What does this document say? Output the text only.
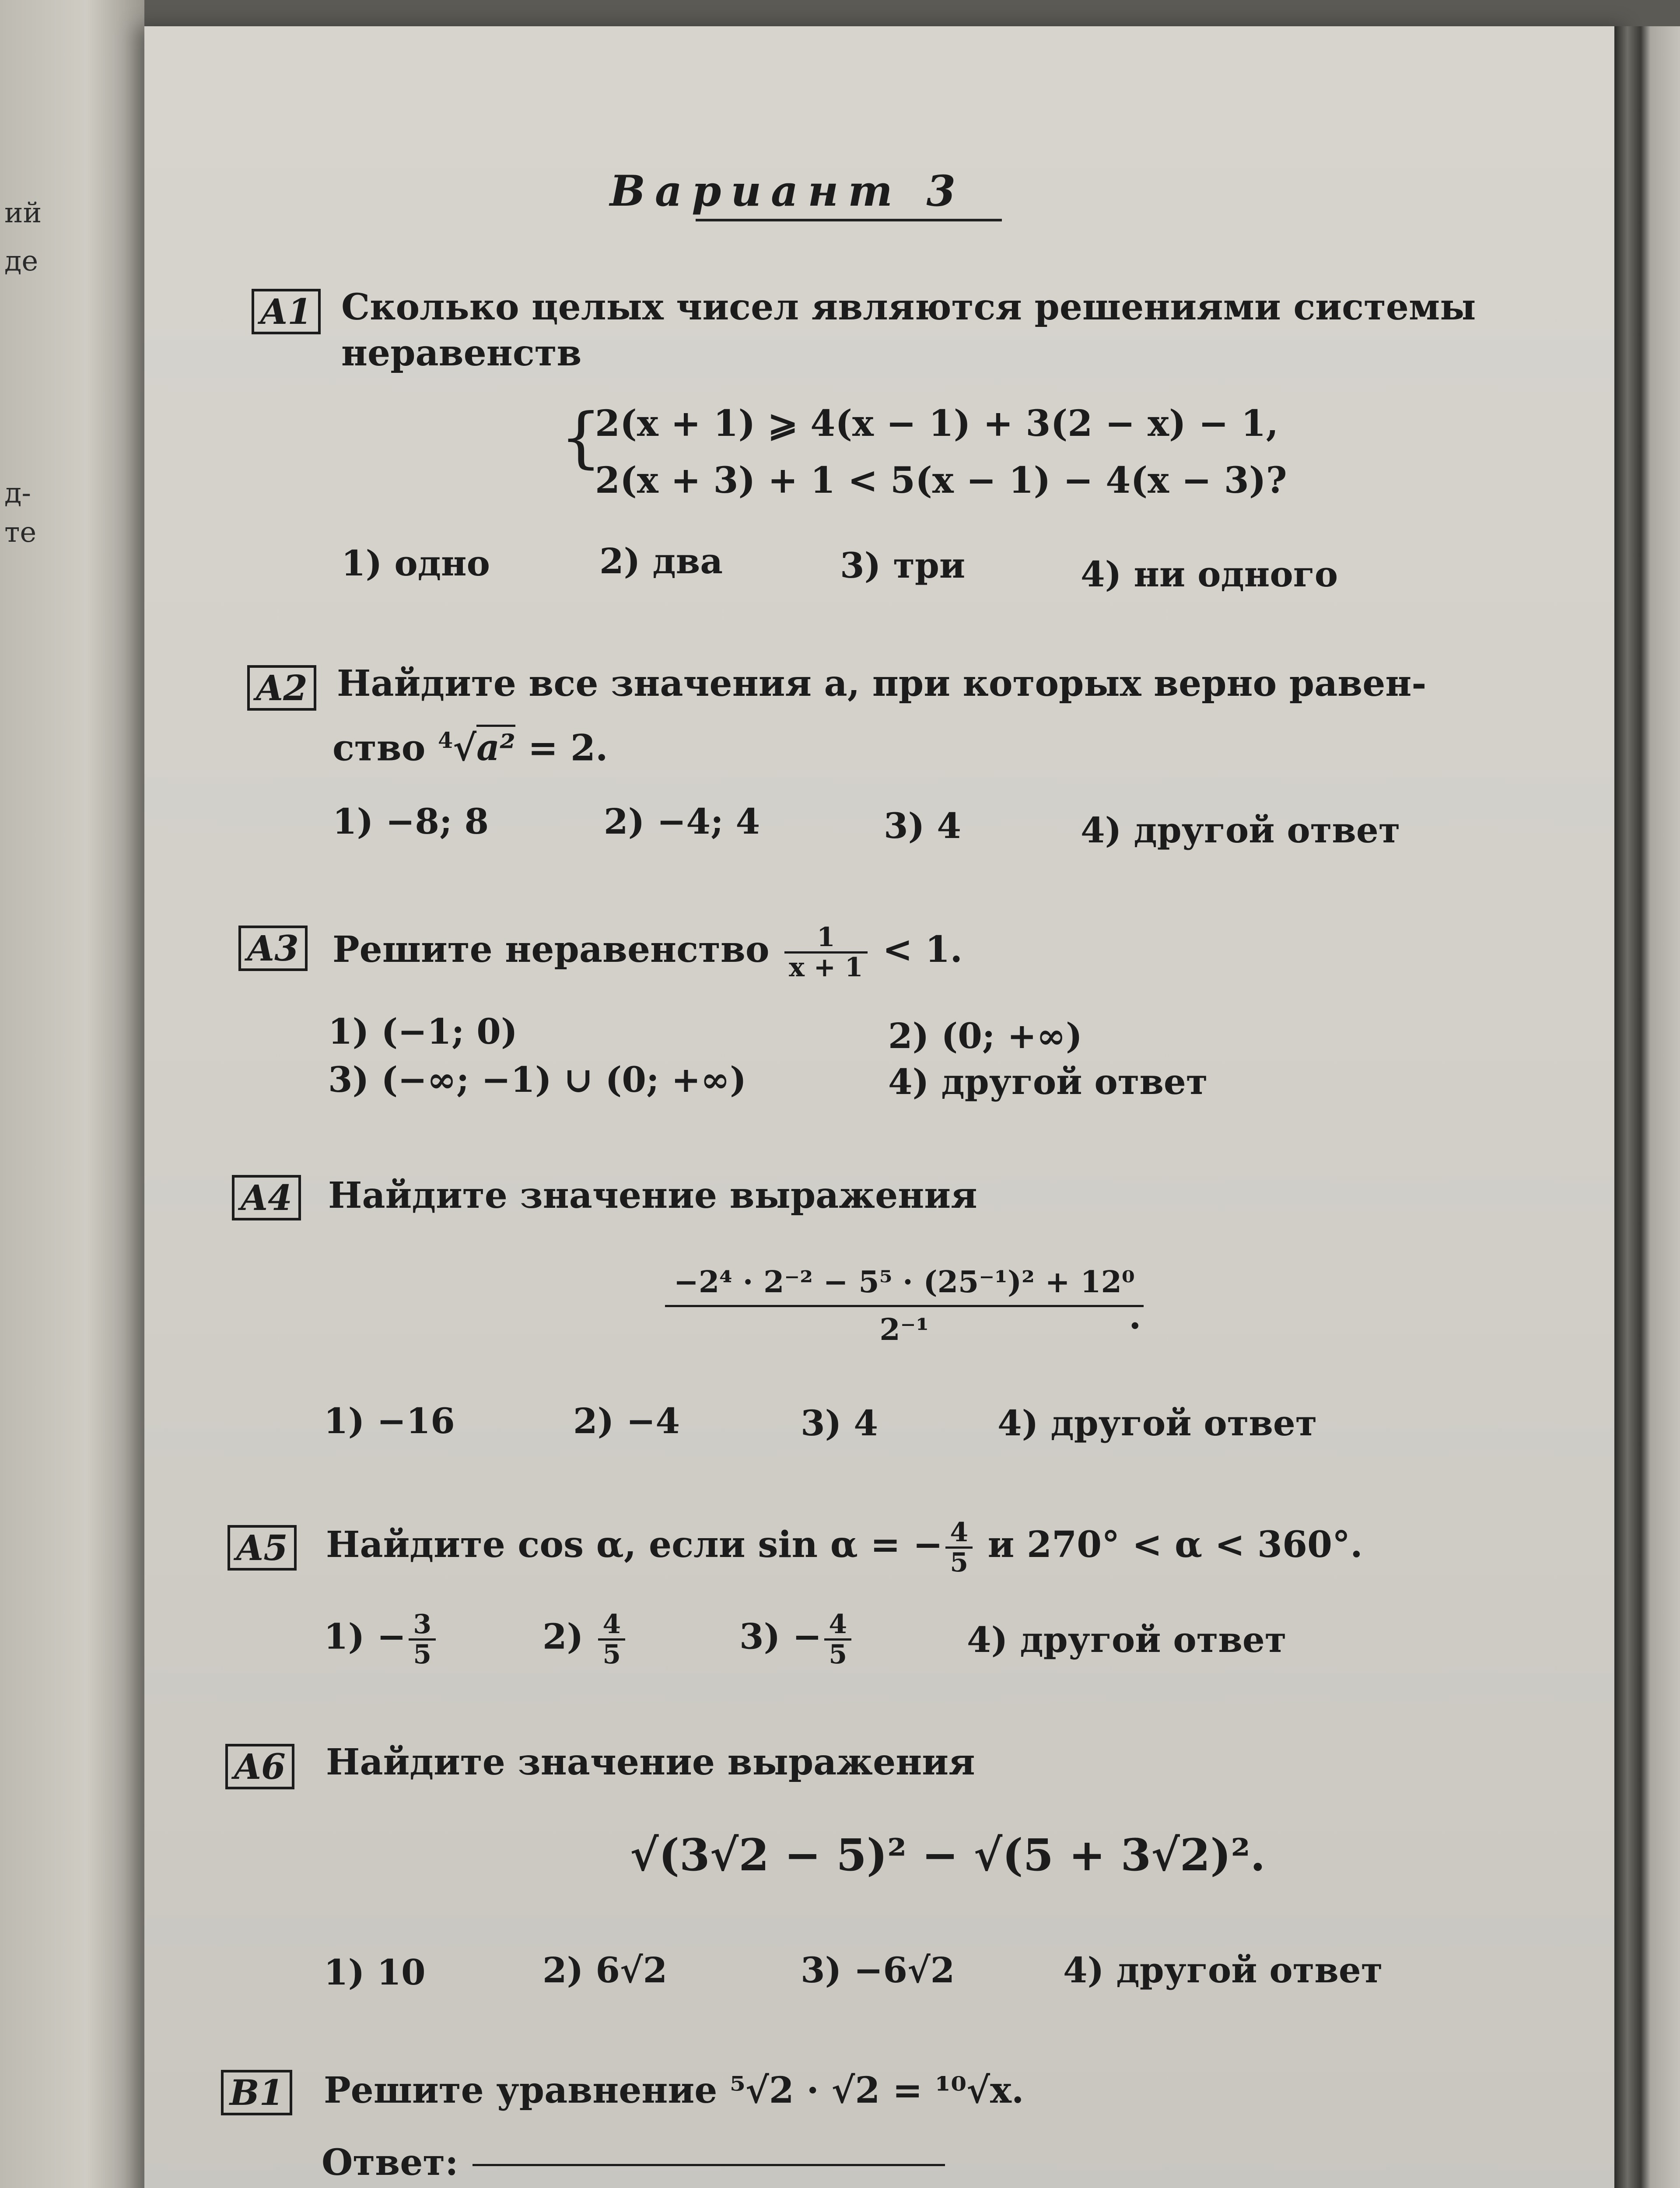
ий
де
д-
те
Вариант 3
A1 Сколько целых чисел являются решениями системы неравенств
{
2(x + 1) ⩾ 4(x − 1) + 3(2 − x) − 1,
2(x + 3) + 1 < 5(x − 1) − 4(x − 3)?
1) одно	2) два	3) три	4) ни одного
A2 Найдите все значения a, при которых верно равен-
ство $^4$√a² = 2.
1) −8; 8	2) −4; 4	3) 4	4) другой ответ
A3 Решите неравенство $\frac{1}{x + 1} < 1$.
1) (−1; 0)	2) (0; +∞)
3) (−∞; −1) ∪ (0; +∞)	4) другой ответ
A4 Найдите значение выражения
$\frac{\text{−2⁴ · 2⁻² − 5⁵ · (25⁻¹)² + 12⁰}}{\text{2⁻¹}}$
.
1) −16	2) −4	3) 4	4) другой ответ
A5 Найдите cos α, если sin α = − $\frac{4}{5}$ и 270° < α < 360°.
$1) - \frac{3}{5}$	$2) \frac{4}{5}$	$3) - \frac{4}{5}$	4) другой ответ
A6 Найдите значение выражения
√(3√2 − 5)² − √(5 + 3√2)².
1) 10	2) 6√2	3) −6√2	4) другой ответ
B1 Решите уравнение ⁵√2 · √2 = ¹⁰√x.
Ответ:
